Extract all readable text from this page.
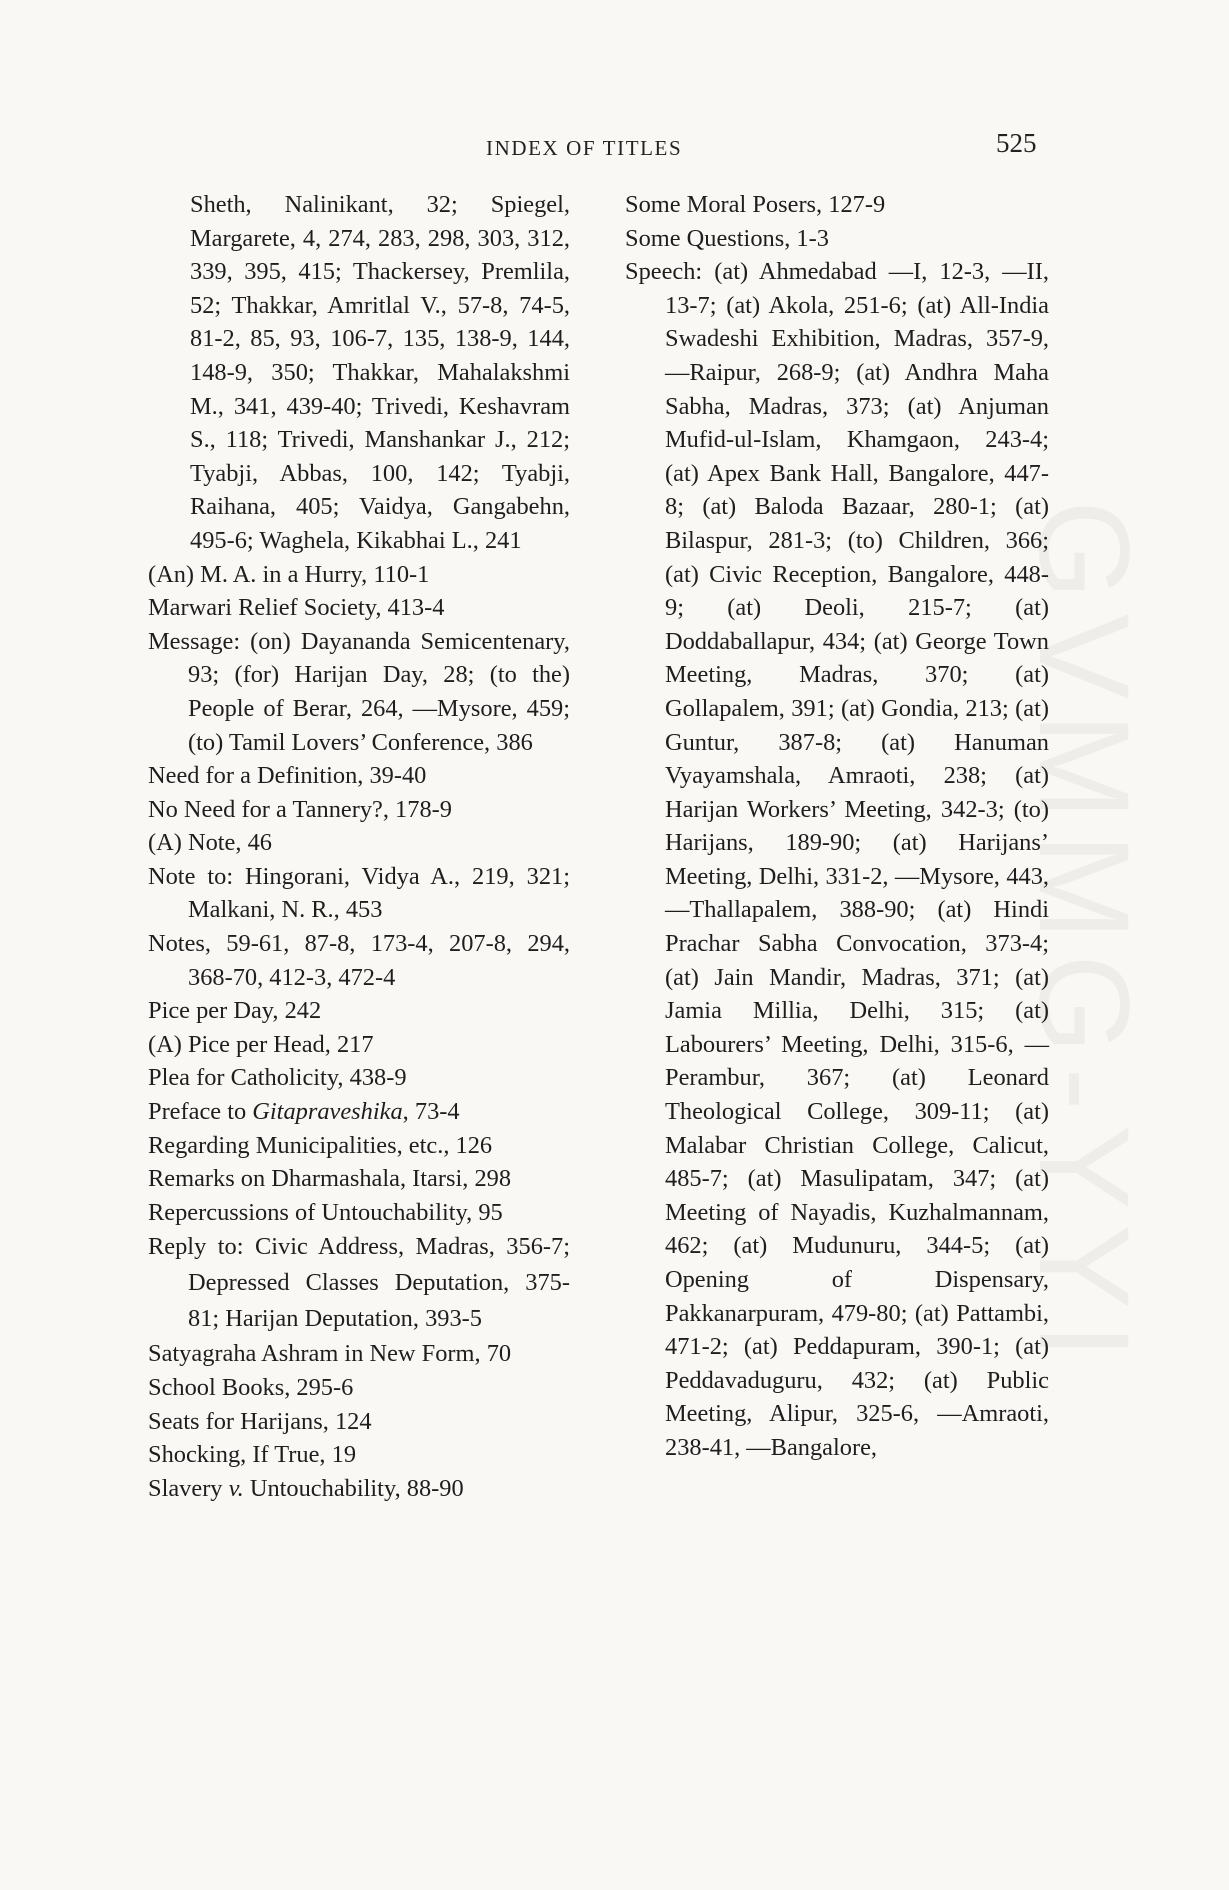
INDEX OF TITLES	525

Sheth, Nalinikant, 32; Spiegel, Margarete, 4, 274, 283, 298, 303, 312, 339, 395, 415; Thackersey, Premlila, 52; Thakkar, Amritlal V., 57-8, 74-5, 81-2, 85, 93, 106-7, 135, 138-9, 144, 148-9, 350; Thakkar, Mahalakshmi M., 341, 439-40; Trivedi, Keshavram S., 118; Trivedi, Manshankar J., 212; Tyabji, Abbas, 100, 142; Tyabji, Raihana, 405; Vaidya, Gangabehn, 495-6; Waghela, Kikabhai L., 241

(An) M. A. in a Hurry, 110-1

Marwari Relief Society, 413-4

Message: (on) Dayananda Semicentenary, 93; (for) Harijan Day, 28; (to the) People of Berar, 264, —Mysore, 459; (to) Tamil Lovers’ Conference, 386

Need for a Definition, 39-40

No Need for a Tannery?, 178-9

(A) Note, 46

Note to: Hingorani, Vidya A., 219, 321; Malkani, N. R., 453

Notes, 59-61, 87-8, 173-4, 207-8, 294, 368-70, 412-3, 472-4

Pice per Day, 242

(A) Pice per Head, 217

Plea for Catholicity, 438-9

Preface to Gitapraveshika, 73-4

Regarding Municipalities, etc., 126

Remarks on Dharmashala, Itarsi, 298

Repercussions of Untouchability, 95

Reply to: Civic Address, Madras, 356-7; Depressed Classes Deputation, 375-81; Harijan Deputation, 393-5

Satyagraha Ashram in New Form, 70

School Books, 295-6

Seats for Harijans, 124

Shocking, If True, 19

Slavery v. Untouchability, 88-90

Some Moral Posers, 127-9

Some Questions, 1-3

Speech: (at) Ahmedabad —I, 12-3, —II, 13-7; (at) Akola, 251-6; (at) All-India Swadeshi Exhibition, Madras, 357-9, —Raipur, 268-9; (at) Andhra Maha Sabha, Madras, 373; (at) Anjuman Mufid-ul-Islam, Khamgaon, 243-4; (at) Apex Bank Hall, Bangalore, 447-8; (at) Baloda Bazaar, 280-1; (at) Bilaspur, 281-3; (to) Children, 366; (at) Civic Reception, Bangalore, 448-9; (at) Deoli, 215-7; (at) Doddaballapur, 434; (at) George Town Meeting, Madras, 370; (at) Gollapalem, 391; (at) Gondia, 213; (at) Guntur, 387-8; (at) Hanuman Vyayamshala, Amraoti, 238; (at) Harijan Workers’ Meeting, 342-3; (to) Harijans, 189-90; (at) Harijans’ Meeting, Delhi, 331-2, —Mysore, 443, —Thallapalem, 388-90; (at) Hindi Prachar Sabha Convocation, 373-4; (at) Jain Mandir, Madras, 371; (at) Jamia Millia, Delhi, 315; (at) Labourers’ Meeting, Delhi, 315-6, —Perambur, 367; (at) Leonard Theological College, 309-11; (at) Malabar Christian College, Calicut, 485-7; (at) Masulipatam, 347; (at) Meeting of Nayadis, Kuzhalmannam, 462; (at) Mudunuru, 344-5; (at) Opening of Dispensary, Pakkanarpuram, 479-80; (at) Pattambi, 471-2; (at) Peddapuram, 390-1; (at) Peddavaduguru, 432; (at) Public Meeting, Alipur, 325-6, —Amraoti, 238-41, —Bangalore,
